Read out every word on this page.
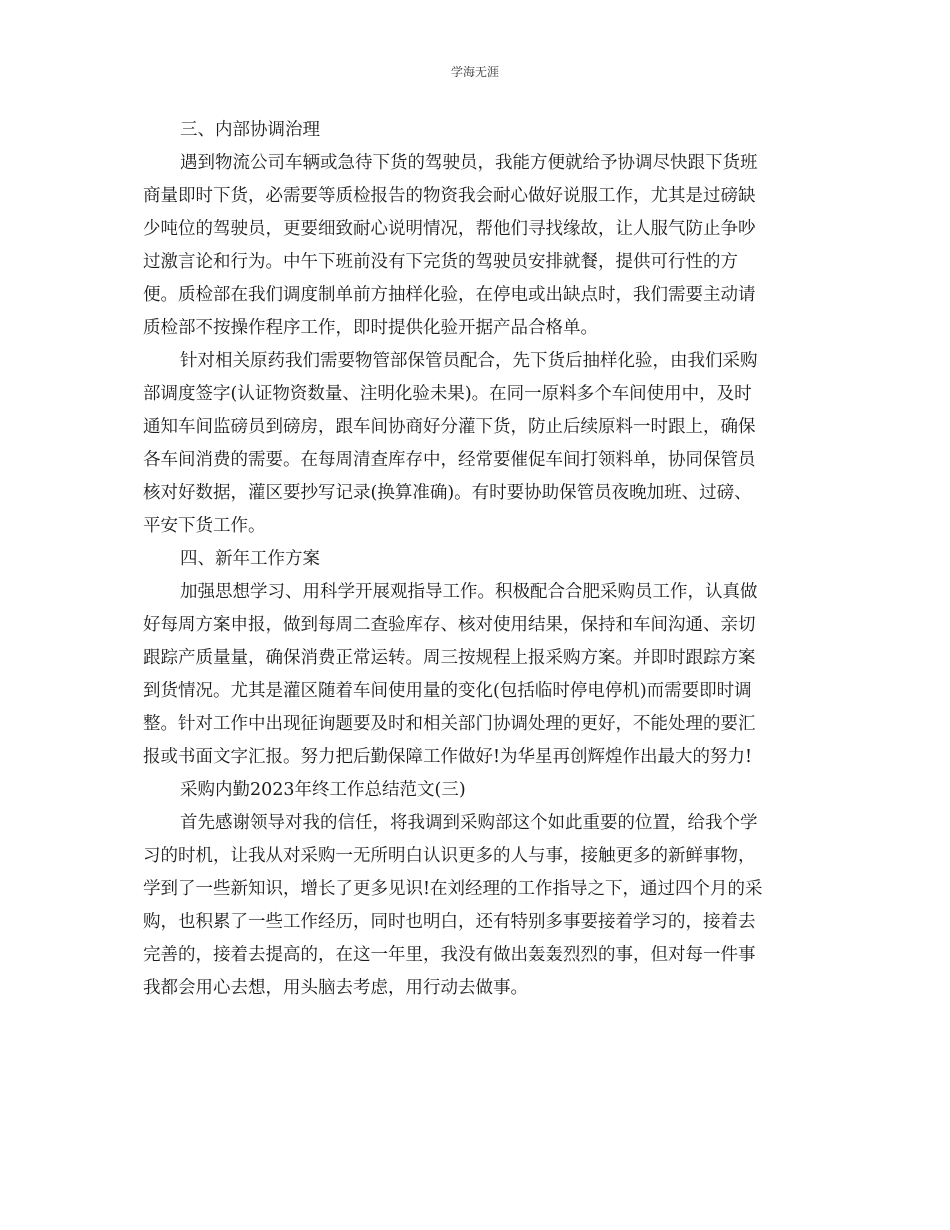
学海无涯
三、内部协调治理
遇到物流公司车辆或急待下货的驾驶员，我能方便就给予协调尽快跟下货班
商量即时下货，必需要等质检报告的物资我会耐心做好说服工作，尤其是过磅缺
少吨位的驾驶员，更要细致耐心说明情况，帮他们寻找缘故，让人服气防止争吵
过激言论和行为。中午下班前没有下完货的驾驶员安排就餐，提供可行性的方
便。质检部在我们调度制单前方抽样化验，在停电或出缺点时，我们需要主动请
质检部不按操作程序工作，即时提供化验开据产品合格单。
针对相关原药我们需要物管部保管员配合，先下货后抽样化验，由我们采购
部调度签字(认证物资数量、注明化验未果)。在同一原料多个车间使用中，及时
通知车间监磅员到磅房，跟车间协商好分灌下货，防止后续原料一时跟上，确保
各车间消费的需要。在每周清查库存中，经常要催促车间打领料单，协同保管员
核对好数据，灌区要抄写记录(换算准确)。有时要协助保管员夜晚加班、过磅、
平安下货工作。
四、新年工作方案
加强思想学习、用科学开展观指导工作。积极配合合肥采购员工作，认真做
好每周方案申报，做到每周二查验库存、核对使用结果，保持和车间沟通、亲切
跟踪产质量量，确保消费正常运转。周三按规程上报采购方案。并即时跟踪方案
到货情况。尤其是灌区随着车间使用量的变化(包括临时停电停机)而需要即时调
整。针对工作中出现征询题要及时和相关部门协调处理的更好，不能处理的要汇
报或书面文字汇报。努力把后勤保障工作做好!为华星再创辉煌作出最大的努力!
采购内勤2023年终工作总结范文(三)
首先感谢领导对我的信任，将我调到采购部这个如此重要的位置，给我个学
习的时机，让我从对采购一无所明白认识更多的人与事，接触更多的新鲜事物，
学到了一些新知识，增长了更多见识!在刘经理的工作指导之下，通过四个月的采
购，也积累了一些工作经历，同时也明白，还有特别多事要接着学习的，接着去
完善的，接着去提高的，在这一年里，我没有做出轰轰烈烈的事，但对每一件事
我都会用心去想，用头脑去考虑，用行动去做事。
